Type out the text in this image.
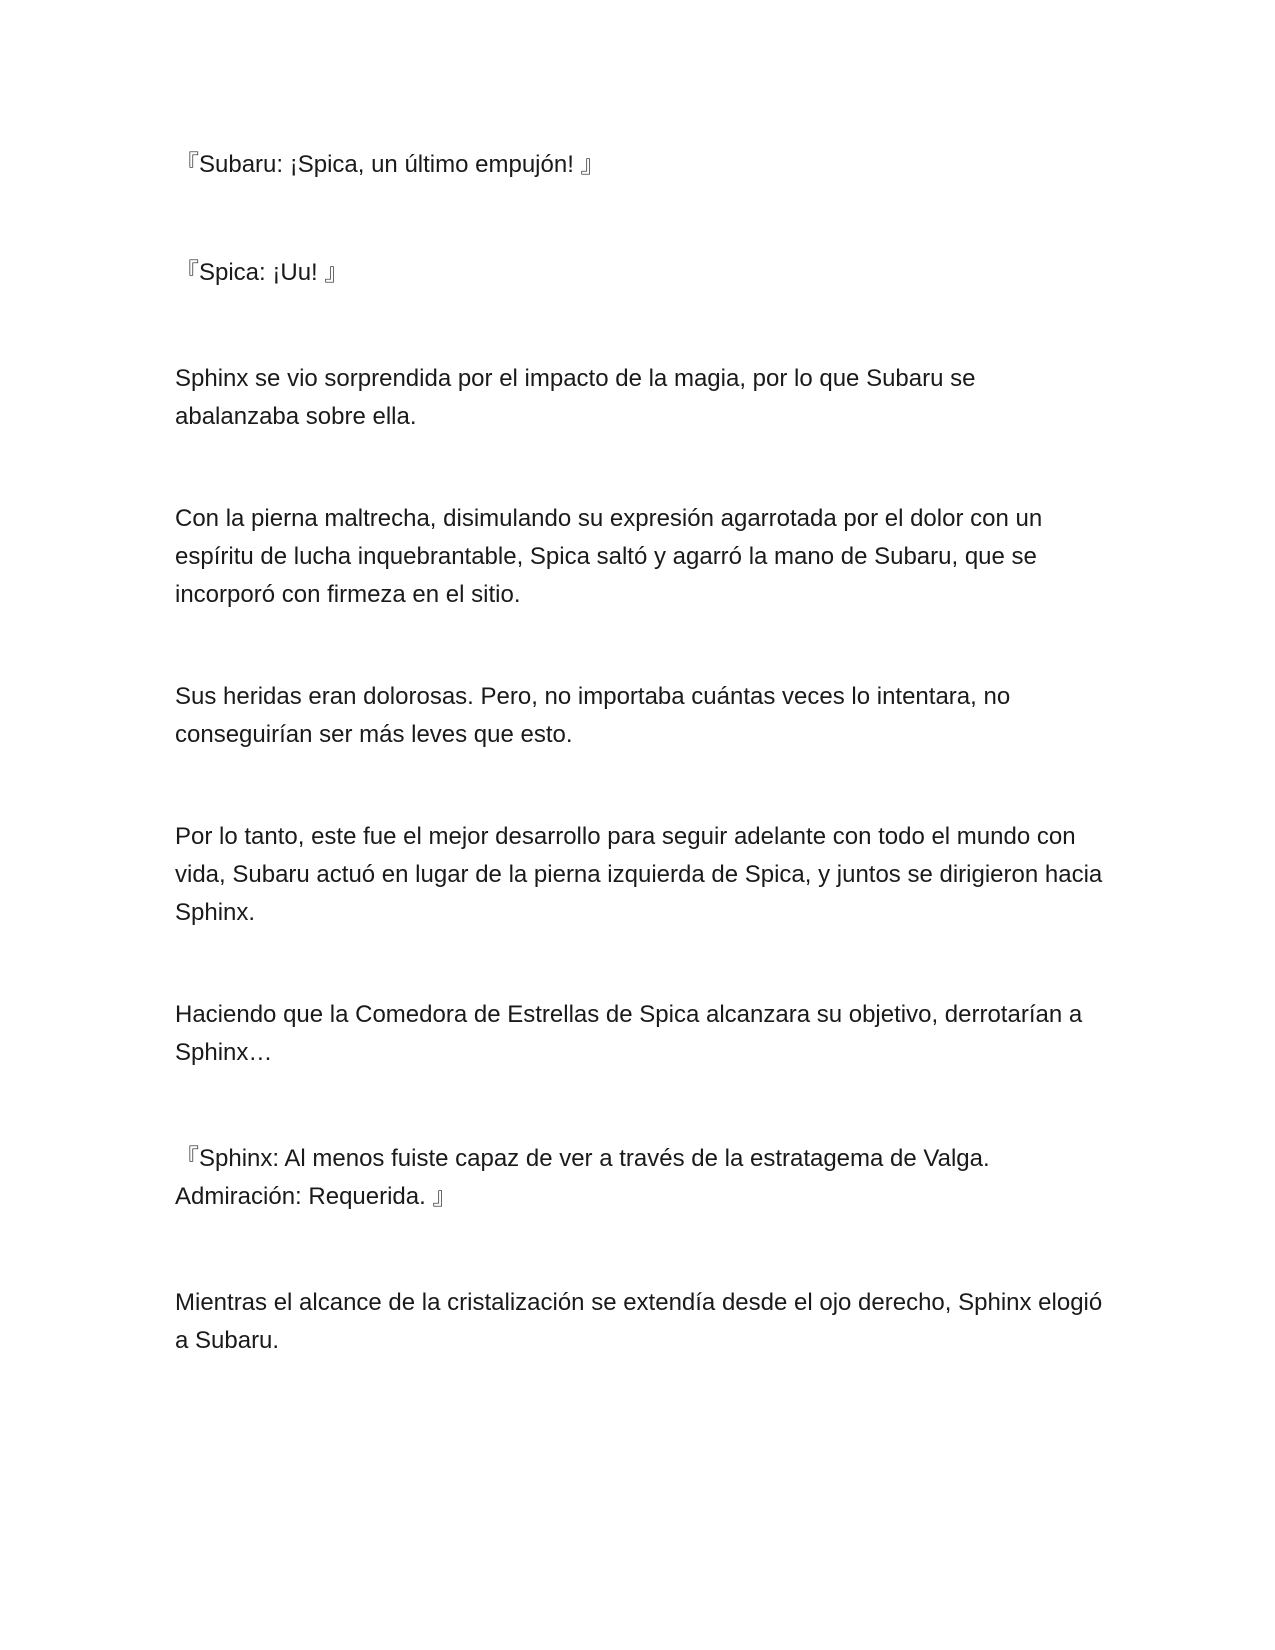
『Subaru: ¡Spica, un último empujón! 』

『Spica: ¡Uu! 』

Sphinx se vio sorprendida por el impacto de la magia, por lo que Subaru se abalanzaba sobre ella.

Con la pierna maltrecha, disimulando su expresión agarrotada por el dolor con un espíritu de lucha inquebrantable, Spica saltó y agarró la mano de Subaru, que se incorporó con firmeza en el sitio.

Sus heridas eran dolorosas. Pero, no importaba cuántas veces lo intentara, no conseguirían ser más leves que esto.

Por lo tanto, este fue el mejor desarrollo para seguir adelante con todo el mundo con vida, Subaru actuó en lugar de la pierna izquierda de Spica, y juntos se dirigieron hacia Sphinx.

Haciendo que la Comedora de Estrellas de Spica alcanzara su objetivo, derrotarían a Sphinx…

『Sphinx: Al menos fuiste capaz de ver a través de la estratagema de Valga. Admiración: Requerida. 』

Mientras el alcance de la cristalización se extendía desde el ojo derecho, Sphinx elogió a Subaru.
